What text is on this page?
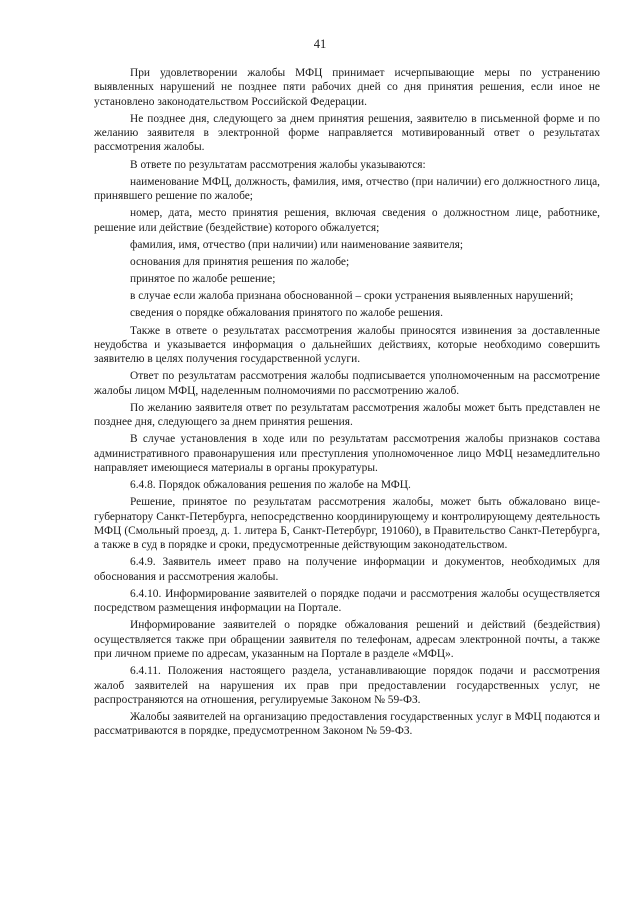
41

При удовлетворении жалобы МФЦ принимает исчерпывающие меры по устранению выявленных нарушений не позднее пяти рабочих дней со дня принятия решения, если иное не установлено законодательством Российской Федерации.

Не позднее дня, следующего за днем принятия решения, заявителю в письменной форме и по желанию заявителя в электронной форме направляется мотивированный ответ о результатах рассмотрения жалобы.

В ответе по результатам рассмотрения жалобы указываются:

наименование МФЦ, должность, фамилия, имя, отчество (при наличии) его должностного лица, принявшего решение по жалобе;

номер, дата, место принятия решения, включая сведения о должностном лице, работнике, решение или действие (бездействие) которого обжалуется;

фамилия, имя, отчество (при наличии) или наименование заявителя;

основания для принятия решения по жалобе;

принятое по жалобе решение;

в случае если жалоба признана обоснованной – сроки устранения выявленных нарушений;

сведения о порядке обжалования принятого по жалобе решения.

Также в ответе о результатах рассмотрения жалобы приносятся извинения за доставленные неудобства и указывается информация о дальнейших действиях, которые необходимо совершить заявителю в целях получения государственной услуги.

Ответ по результатам рассмотрения жалобы подписывается уполномоченным на рассмотрение жалобы лицом МФЦ, наделенным полномочиями по рассмотрению жалоб.

По желанию заявителя ответ по результатам рассмотрения жалобы может быть представлен не позднее дня, следующего за днем принятия решения.

В случае установления в ходе или по результатам рассмотрения жалобы признаков состава административного правонарушения или преступления уполномоченное лицо МФЦ незамедлительно направляет имеющиеся материалы в органы прокуратуры.

6.4.8. Порядок обжалования решения по жалобе на МФЦ.

Решение, принятое по результатам рассмотрения жалобы, может быть обжаловано вице-губернатору Санкт-Петербурга, непосредственно координирующему и контролирующему деятельность МФЦ (Смольный проезд, д. 1. литера Б, Санкт-Петербург, 191060), в Правительство Санкт-Петербурга, а также в суд в порядке и сроки, предусмотренные действующим законодательством.

6.4.9. Заявитель имеет право на получение информации и документов, необходимых для обоснования и рассмотрения жалобы.

6.4.10. Информирование заявителей о порядке подачи и рассмотрения жалобы осуществляется посредством размещения информации на Портале.

Информирование заявителей о порядке обжалования решений и действий (бездействия) осуществляется также при обращении заявителя по телефонам, адресам электронной почты, а также при личном приеме по адресам, указанным на Портале в разделе «МФЦ».

6.4.11. Положения настоящего раздела, устанавливающие порядок подачи и рассмотрения жалоб заявителей на нарушения их прав при предоставлении государственных услуг, не распространяются на отношения, регулируемые Законом № 59-ФЗ.

Жалобы заявителей на организацию предоставления государственных услуг в МФЦ подаются и рассматриваются в порядке, предусмотренном Законом № 59-ФЗ.
